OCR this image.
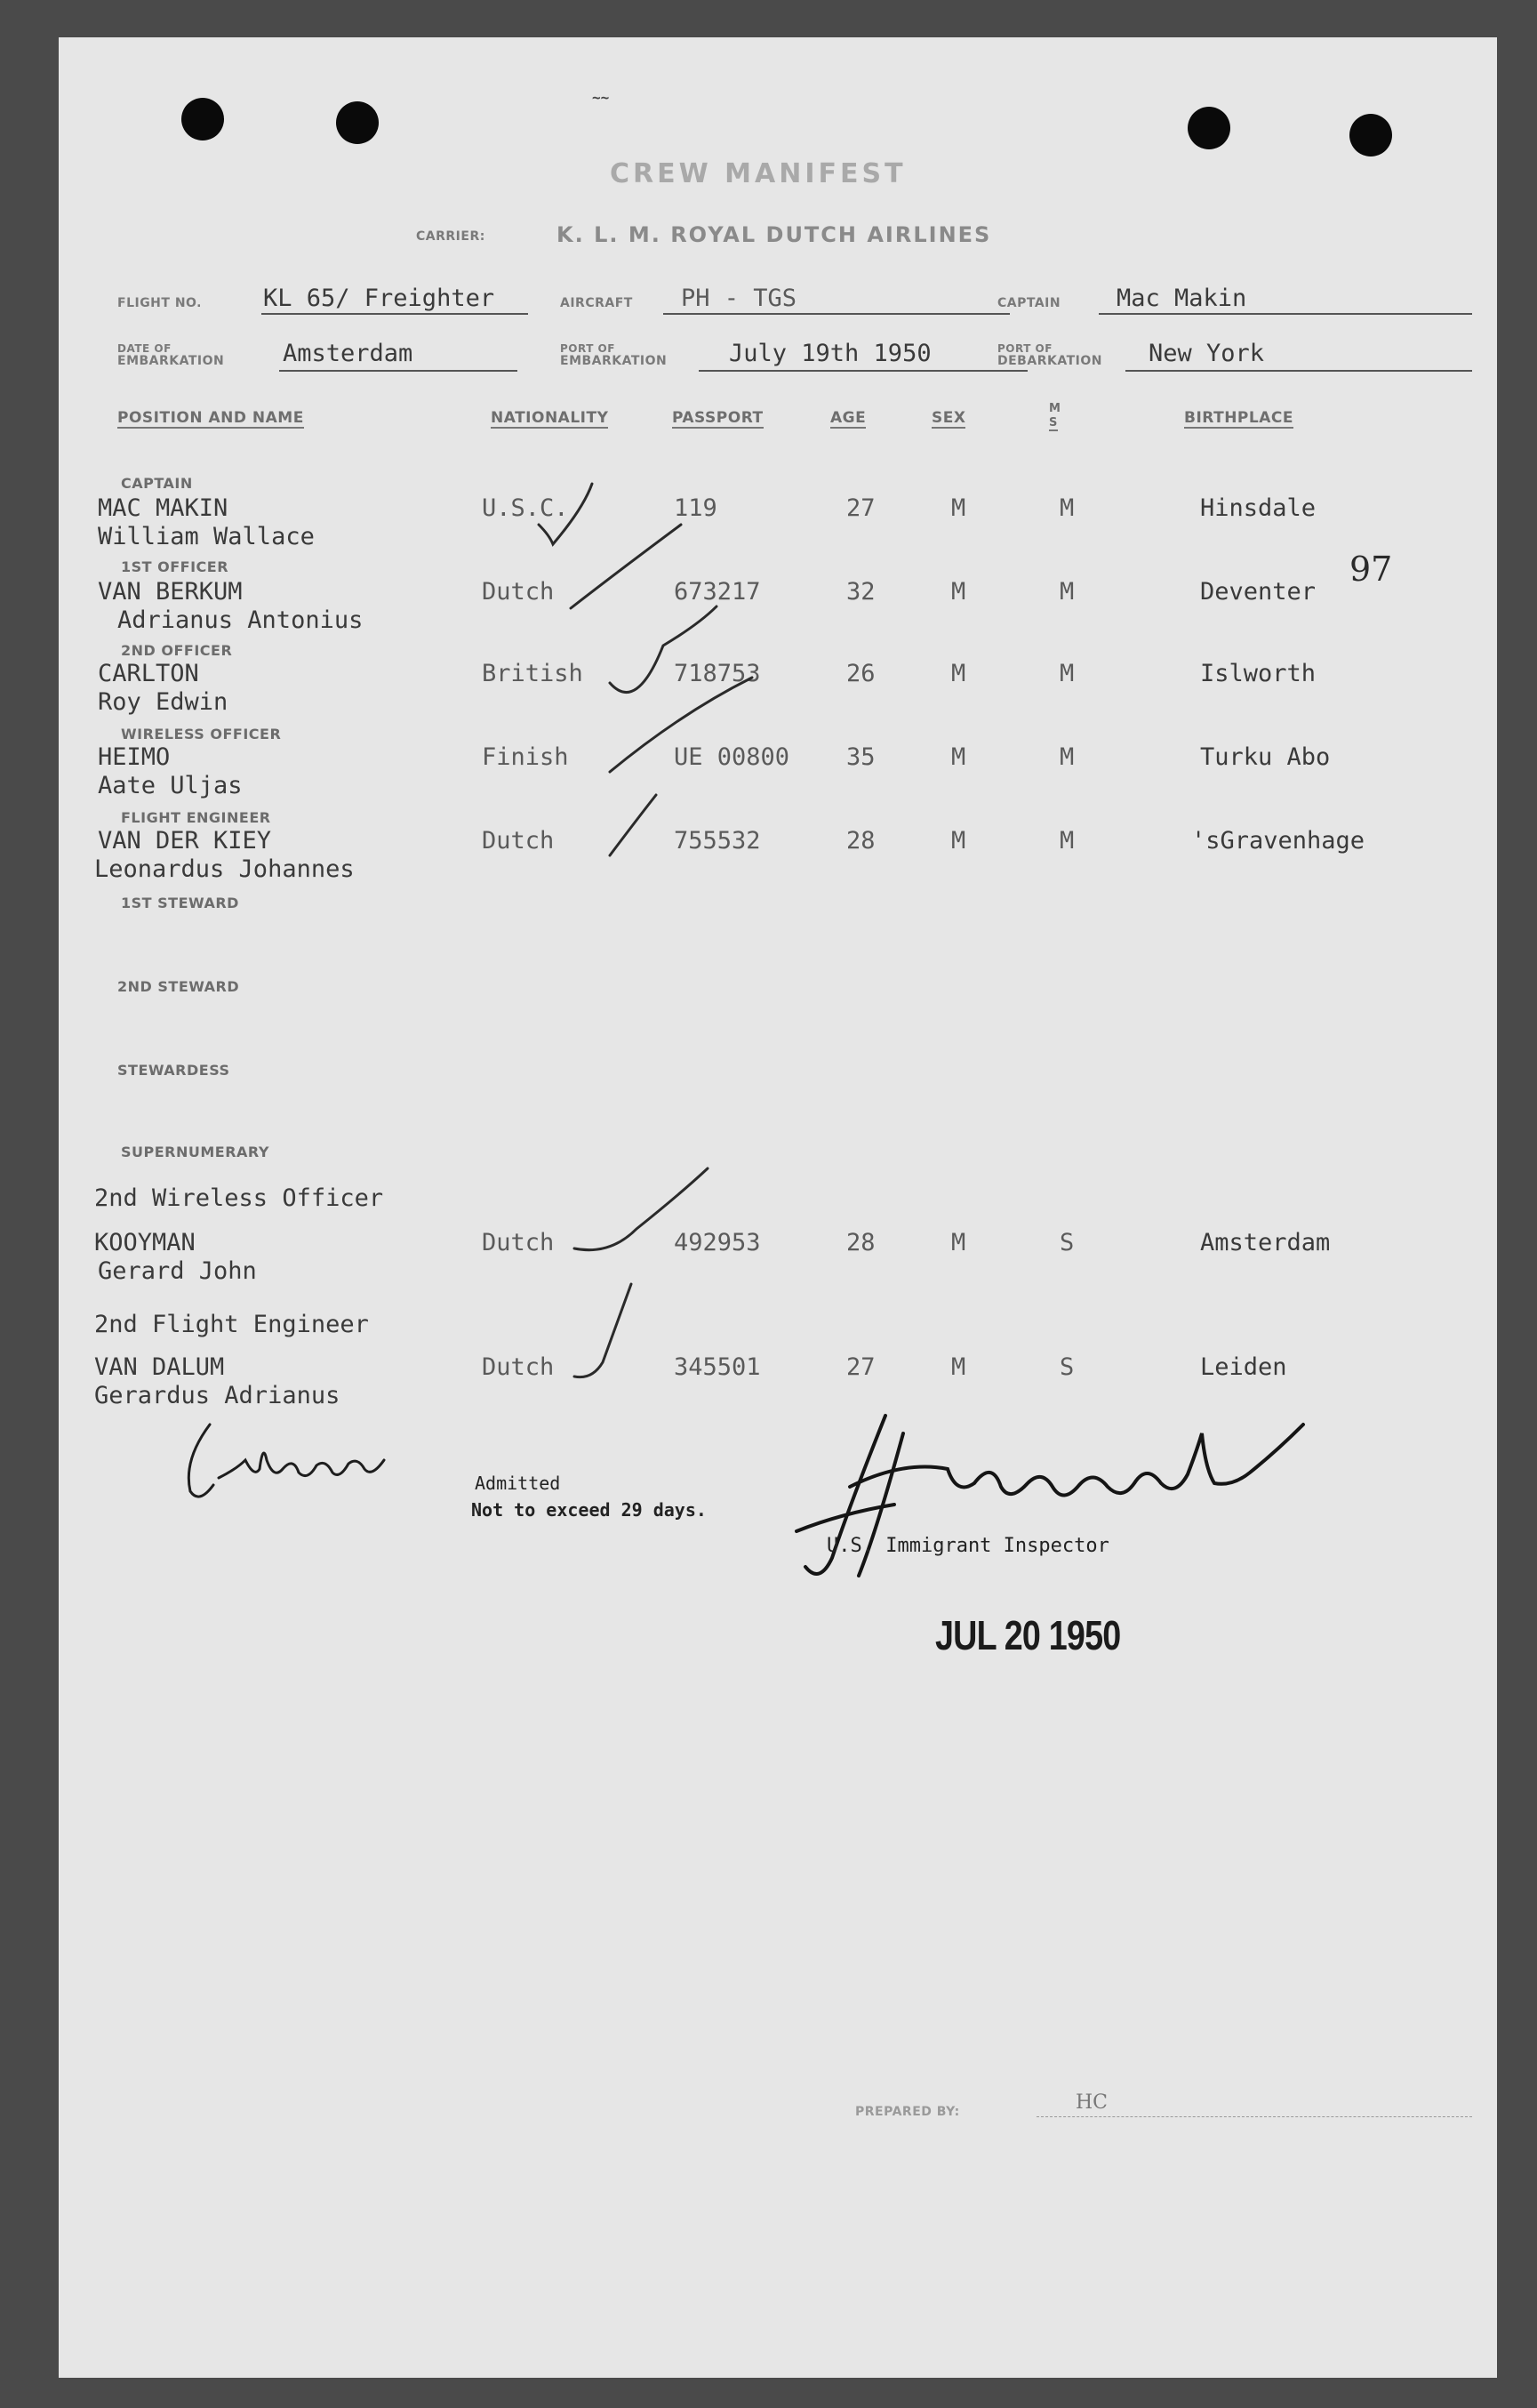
~~
CREW MANIFEST
CARRIER:	K. L. M. ROYAL DUTCH AIRLINES
FLIGHT NO.	KL 65/ Freighter	AIRCRAFT PH - TGS	CAPTAIN Mac Makin
DATE OF
EMBARKATION Amsterdam	PORT OF
EMBARKATION	July 19th 1950	PORT OF
DEBARKATION New York
POSITION AND NAME	NATIONALITY	PASSPORT	AGE	SEX
M
S	BIRTHPLACE
CAPTAIN
MAC MAKIN
William Wallace
U.S.C.	119	27	M	M	Hinsdale
1ST OFFICER
VAN BERKUM
Adrianus Antonius
Dutch	673217	32	M	M	Deventer
2ND OFFICER
CARLTON
Roy Edwin
British	718753	26	M	M	Islworth
WIRELESS OFFICER
HEIMO
Aate Uljas
Finish	UE 00800 35	M	M	Turku Abo
FLIGHT ENGINEER
VAN DER KIEY
Leonardus Johannes
Dutch	755532	28	M	M	'sGravenhage
1ST STEWARD
2ND STEWARD
STEWARDESS
SUPERNUMERARY
2nd Wireless Officer
KOOYMAN
Gerard John
Dutch	492953	28	M	S	Amsterdam
2nd Flight Engineer
VAN DALUM
Gerardus Adrianus
Dutch	345501	27	M	S	Leiden
97
Admitted
Not to exceed 29 days.
U.S. Immigrant Inspector
JUL 20 1950
PREPARED BY:	HC
